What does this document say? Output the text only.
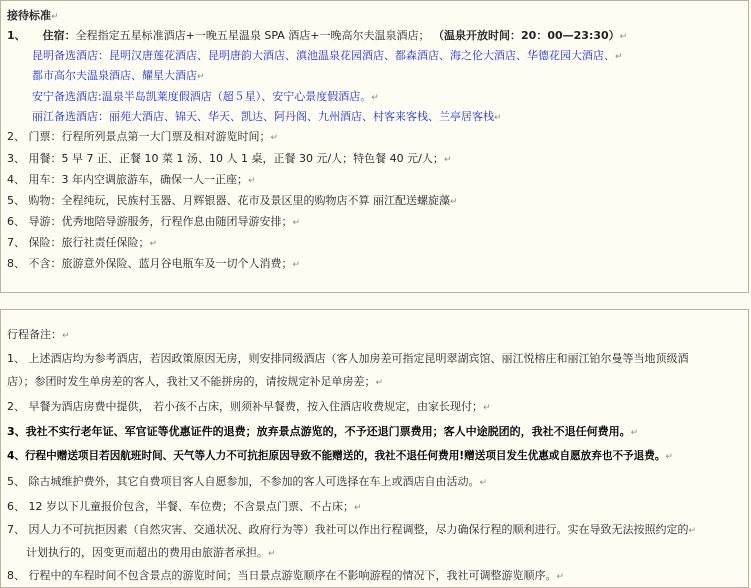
接待标准↵
1、 住宿：全程指定五星标准酒店+一晚五星温泉 SPA 酒店+一晚高尔夫温泉酒店； （温泉开放时间：20：00—23:30）↵
昆明备选酒店：昆明汉唐莲花酒店、昆明唐韵大酒店、滇池温泉花园酒店、都森酒店、海之伦大酒店、华德花园大酒店、↵
都市高尔夫温泉酒店、耀星大酒店↵
安宁备选酒店:温泉半岛凯莱度假酒店（超５星）、安宁心景度假酒店。↵
丽江备选酒店：丽苑大酒店、锦天、华天、凯达、阿丹阁、九州酒店、村客来客栈、兰亭居客栈↵
2、 门票：行程所列景点第一大门票及相对游览时间；↵
3、 用餐：5 早 7 正、正餐 10 菜 1 汤、10 人 1 桌，正餐 30 元/人；特色餐 40 元/人；↵
4、 用车：3 年内空调旅游车，确保一人一正座；↵
5、 购物：全程纯玩，民族村玉器、月辉银器、花市及景区里的购物店不算 丽江配送螺旋藻↵
6、 导游：优秀地陪导游服务，行程作息由随团导游安排；↵
7、 保险：旅行社责任保险；↵
8、 不含：旅游意外保险、蓝月谷电瓶车及一切个人消费；↵
行程备注：↵
1、 上述酒店均为参考酒店，若因政策原因无房，则安排同级酒店（客人加房差可指定昆明翠湖宾馆、丽江悦榕庄和丽江铂尔曼等当地顶级酒
店）；参团时发生单房差的客人，我社又不能拼房的，请按规定补足单房差；↵
2、 早餐为酒店房费中提供， 若小孩不占床，则须补早餐费，按入住酒店收费规定，由家长现付；↵
3、我社不实行老年证、军官证等优惠证件的退费；放弃景点游览的，不予还退门票费用；客人中途脱团的，我社不退任何费用。↵
4、行程中赠送项目若因航班时间、天气等人力不可抗拒原因导致不能赠送的，我社不退任何费用!赠送项目发生优惠或自愿放弃也不予退费。↵
5、 除古城维护费外，其它自费项目客人自愿参加，不参加的客人可选择在车上或酒店自由活动。↵
6、 12 岁以下儿童报价包含，半餐、车位费；不含景点门票、不占床；↵
7、 因人力不可抗拒因素（自然灾害、交通状况、政府行为等）我社可以作出行程调整，尽力确保行程的顺利进行。实在导致无法按照约定的↵
计划执行的，因变更而超出的费用由旅游者承担。↵
8、 行程中的车程时间不包含景点的游览时间；当日景点游览顺序在不影响游程的情况下，我社可调整游览顺序。↵
